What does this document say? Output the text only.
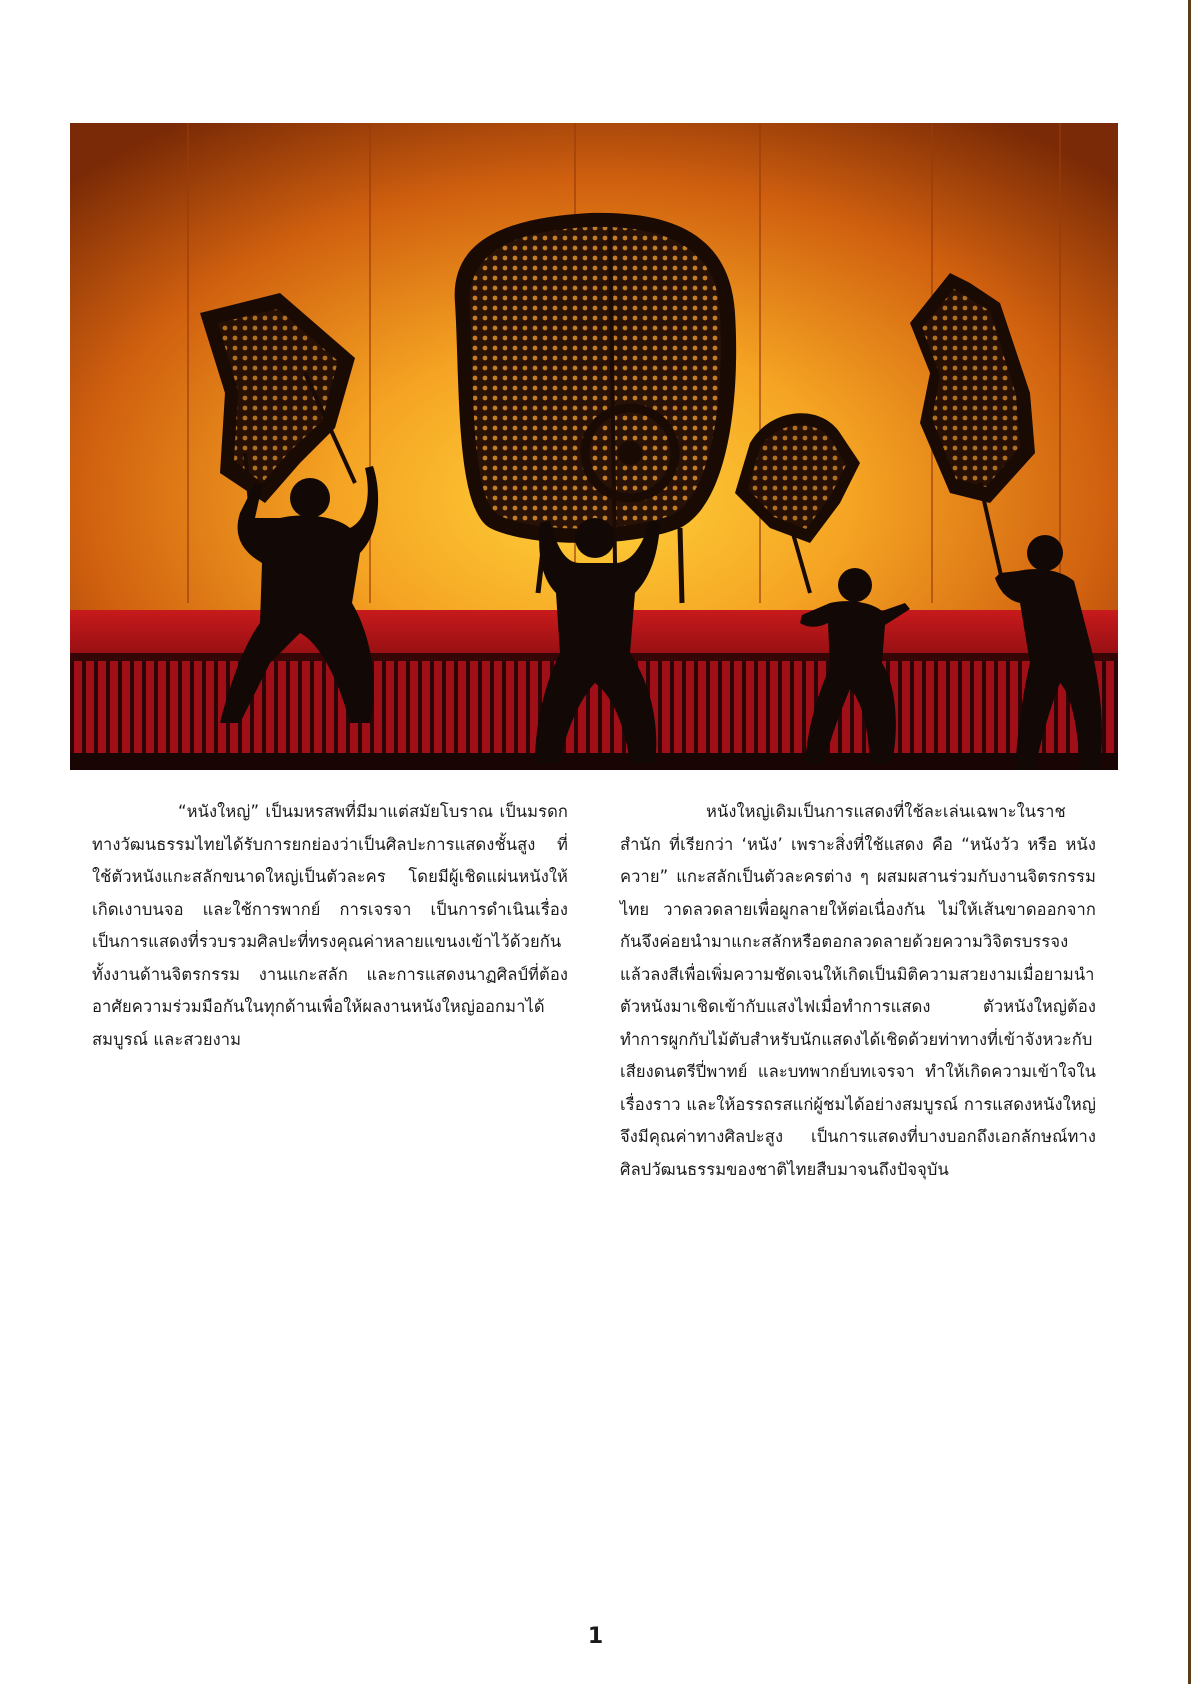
“หนังใหญ่” เป็นมหรสพที่มีมาแต่สมัยโบราณ เป็นมรดกทางวัฒนธรรมไทยได้รับการยกย่องว่าเป็นศิลปะการแสดงชั้นสูง ที่ใช้ตัวหนังแกะสลักขนาดใหญ่เป็นตัวละคร โดยมีผู้เชิดแผ่นหนังให้เกิดเงาบนจอ และใช้การพากย์ การเจรจา เป็นการดำเนินเรื่อง เป็นการแสดงที่รวบรวมศิลปะที่ทรงคุณค่าหลายแขนงเข้าไว้ด้วยกัน ทั้งงานด้านจิตรกรรม งานแกะสลัก และการแสดงนาฏศิลป์ที่ต้องอาศัยความร่วมมือกันในทุกด้านเพื่อให้ผลงานหนังใหญ่ออกมาได้สมบูรณ์ และสวยงาม

หนังใหญ่เดิมเป็นการแสดงที่ใช้ละเล่นเฉพาะในราชสำนัก ที่เรียกว่า ‘หนัง’ เพราะสิ่งที่ใช้แสดง คือ “หนังวัว หรือ หนังควาย” แกะสลักเป็นตัวละครต่าง ๆ ผสมผสานร่วมกับงานจิตรกรรมไทย วาดลวดลายเพื่อผูกลายให้ต่อเนื่องกัน ไม่ให้เส้นขาดออกจากกันจึงค่อยนำมาแกะสลักหรือตอกลวดลายด้วยความวิจิตรบรรจง แล้วลงสีเพื่อเพิ่มความชัดเจนให้เกิดเป็นมิติความสวยงามเมื่อยามนำตัวหนังมาเชิดเข้ากับแสงไฟเมื่อทำการแสดง ตัวหนังใหญ่ต้องทำการผูกกับไม้ตับสำหรับนักแสดงได้เชิดด้วยท่าทางที่เข้าจังหวะกับเสียงดนตรีปี่พาทย์ และบทพากย์บทเจรจา ทำให้เกิดความเข้าใจในเรื่องราว และให้อรรถรสแก่ผู้ชมได้อย่างสมบูรณ์ การแสดงหนังใหญ่จึงมีคุณค่าทางศิลปะสูง เป็นการแสดงที่บางบอกถึงเอกลักษณ์ทางศิลปวัฒนธรรมของชาติไทยสืบมาจนถึงปัจจุบัน

1
